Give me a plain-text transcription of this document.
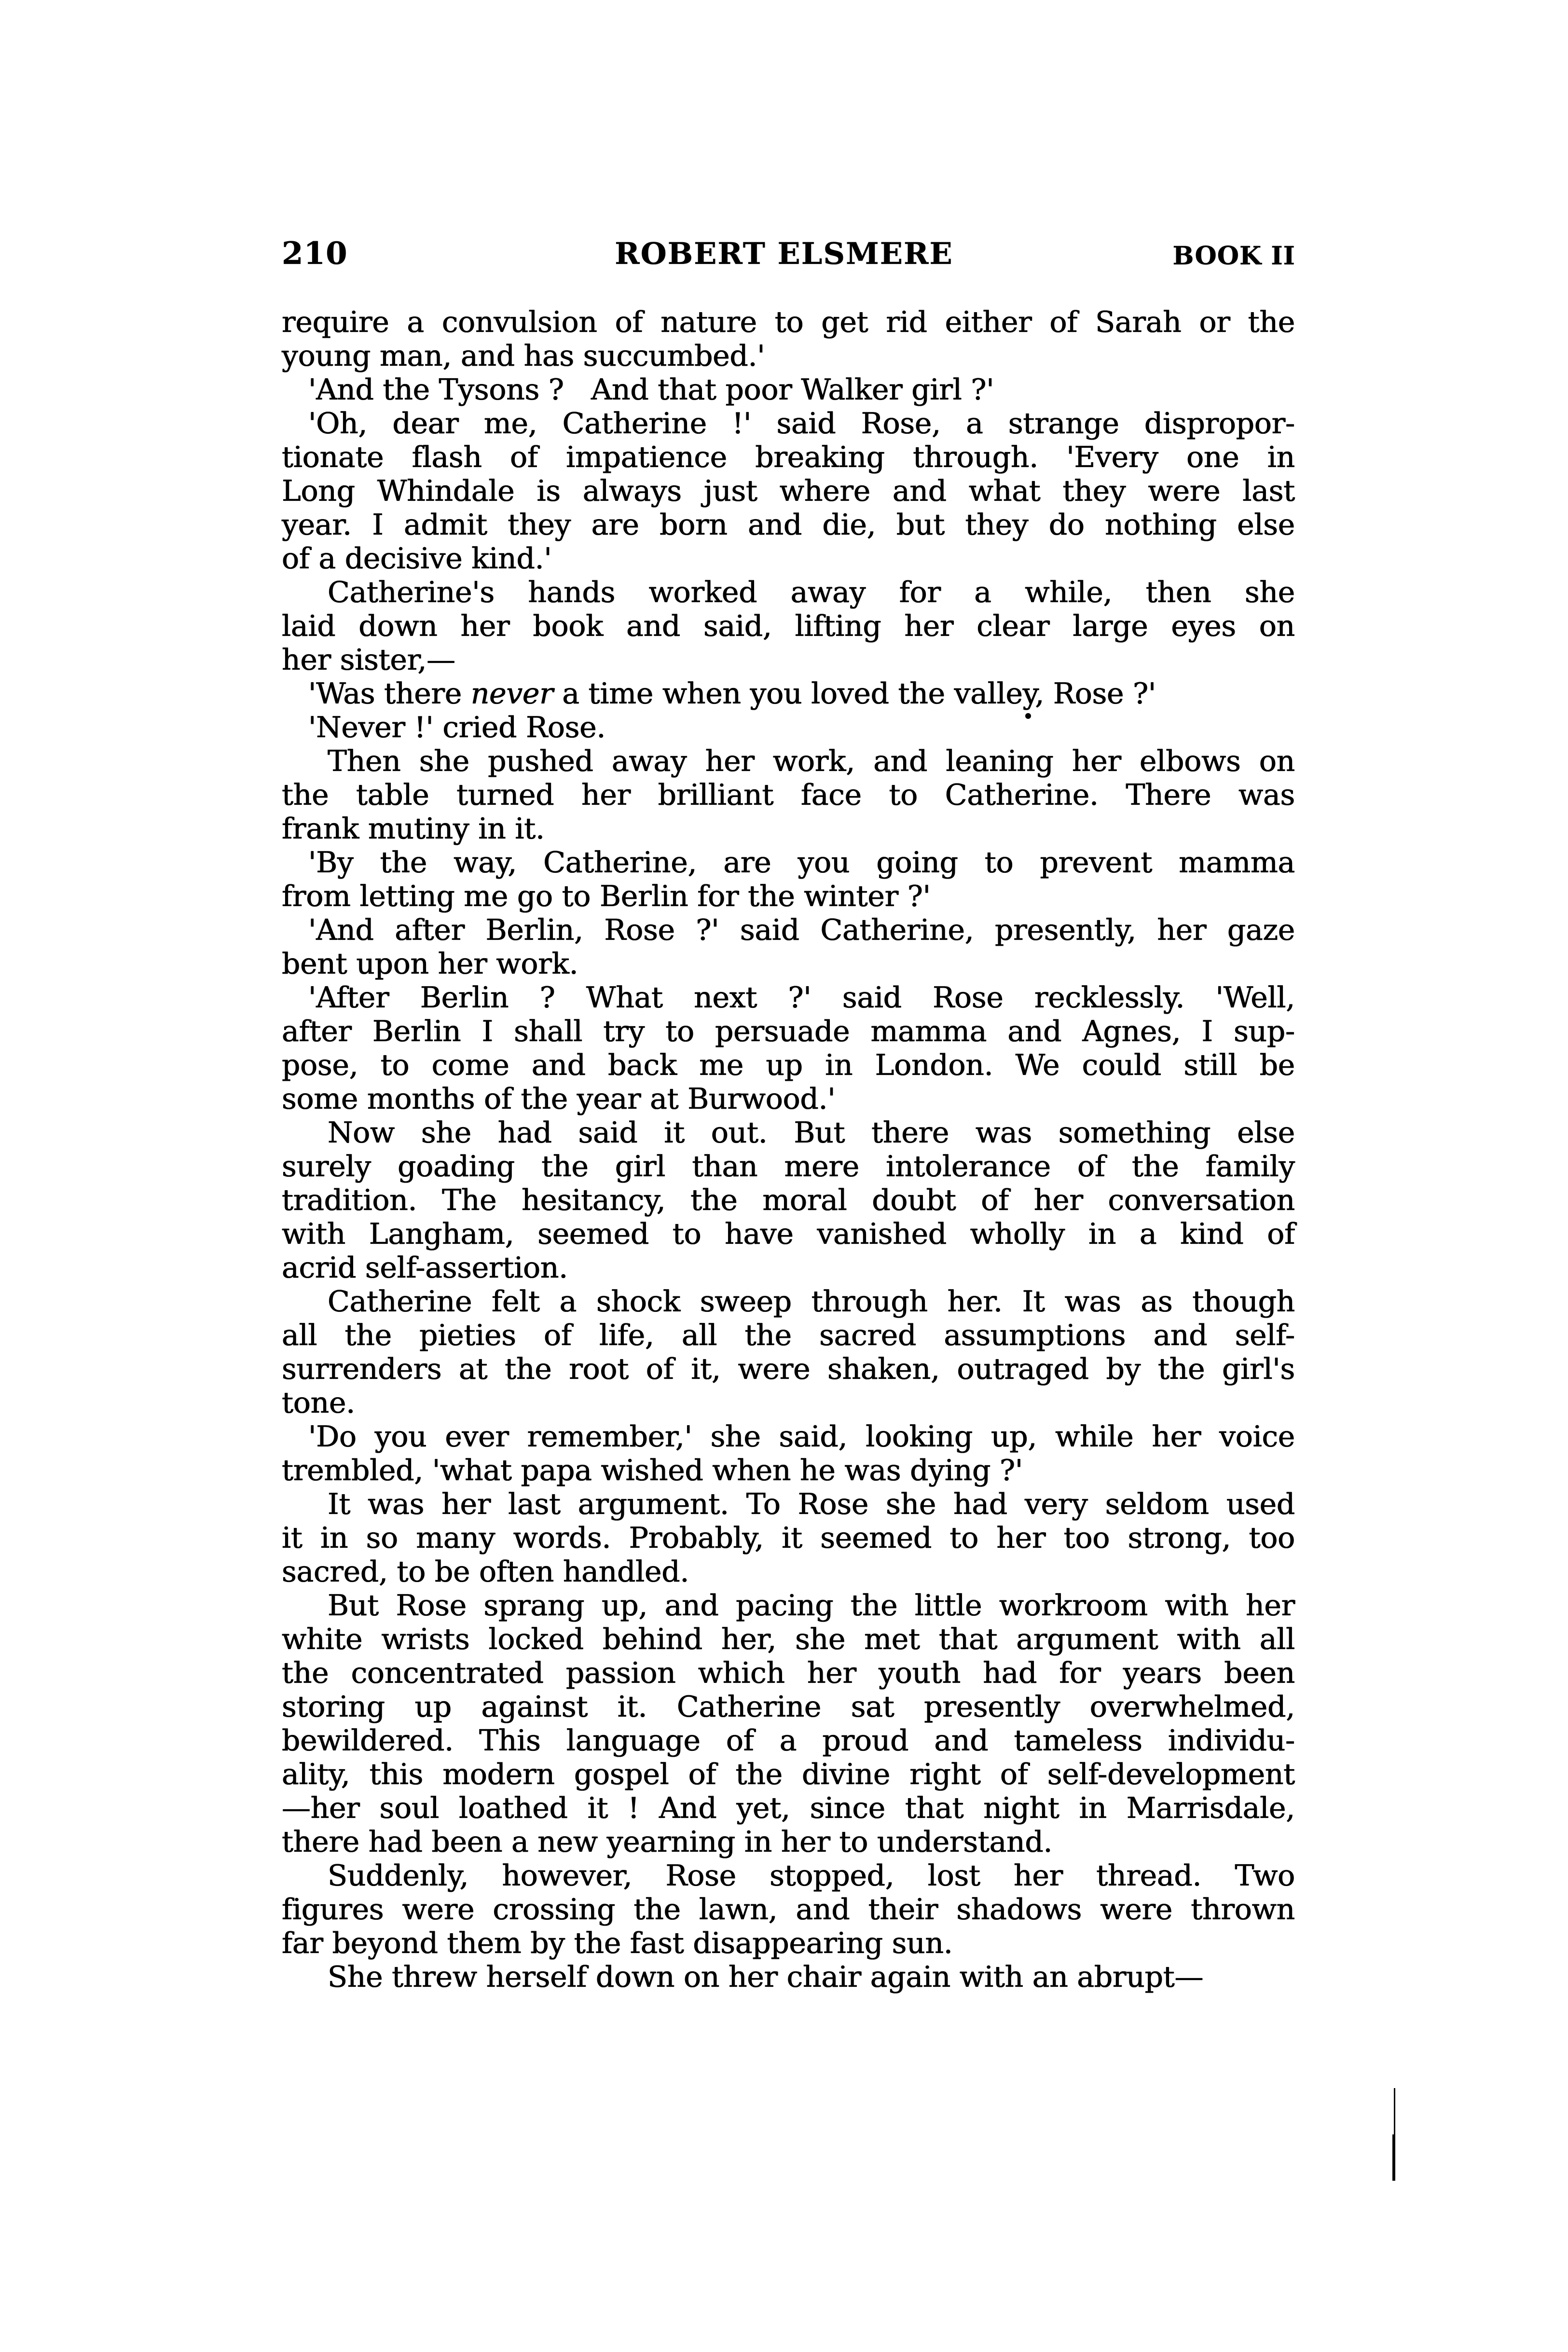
210	ROBERT ELSMERE	BOOK II
require a convulsion of nature to get rid either of Sarah or the
young man, and has succumbed.'
'And the Tysons ?   And that poor Walker girl ?'
'Oh, dear me, Catherine !' said Rose, a strange dispropor-
tionate flash of impatience breaking through. 'Every one in
Long Whindale is always just where and what they were last
year. I admit they are born and die, but they do nothing else
of a decisive kind.'
Catherine's hands worked away for a while, then she
laid down her book and said, lifting her clear large eyes on
her sister,—
'Was there never a time when you loved the valley, Rose ?'
'Never !' cried Rose.
Then she pushed away her work, and leaning her elbows on
the table turned her brilliant face to Catherine. There was
frank mutiny in it.
'By the way, Catherine, are you going to prevent mamma
from letting me go to Berlin for the winter ?'
'And after Berlin, Rose ?' said Catherine, presently, her gaze
bent upon her work.
'After Berlin ? What next ?' said Rose recklessly. 'Well,
after Berlin I shall try to persuade mamma and Agnes, I sup-
pose, to come and back me up in London. We could still be
some months of the year at Burwood.'
Now she had said it out. But there was something else
surely goading the girl than mere intolerance of the family
tradition. The hesitancy, the moral doubt of her conversation
with Langham, seemed to have vanished wholly in a kind of
acrid self-assertion.
Catherine felt a shock sweep through her. It was as though
all the pieties of life, all the sacred assumptions and self-
surrenders at the root of it, were shaken, outraged by the girl's
tone.
'Do you ever remember,' she said, looking up, while her voice
trembled, 'what papa wished when he was dying ?'
It was her last argument. To Rose she had very seldom used
it in so many words. Probably, it seemed to her too strong, too
sacred, to be often handled.
But Rose sprang up, and pacing the little workroom with her
white wrists locked behind her, she met that argument with all
the concentrated passion which her youth had for years been
storing up against it. Catherine sat presently overwhelmed,
bewildered. This language of a proud and tameless individu-
ality, this modern gospel of the divine right of self-development
—her soul loathed it ! And yet, since that night in Marrisdale,
there had been a new yearning in her to understand.
Suddenly, however, Rose stopped, lost her thread. Two
figures were crossing the lawn, and their shadows were thrown
far beyond them by the fast disappearing sun.
She threw herself down on her chair again with an abrupt—
